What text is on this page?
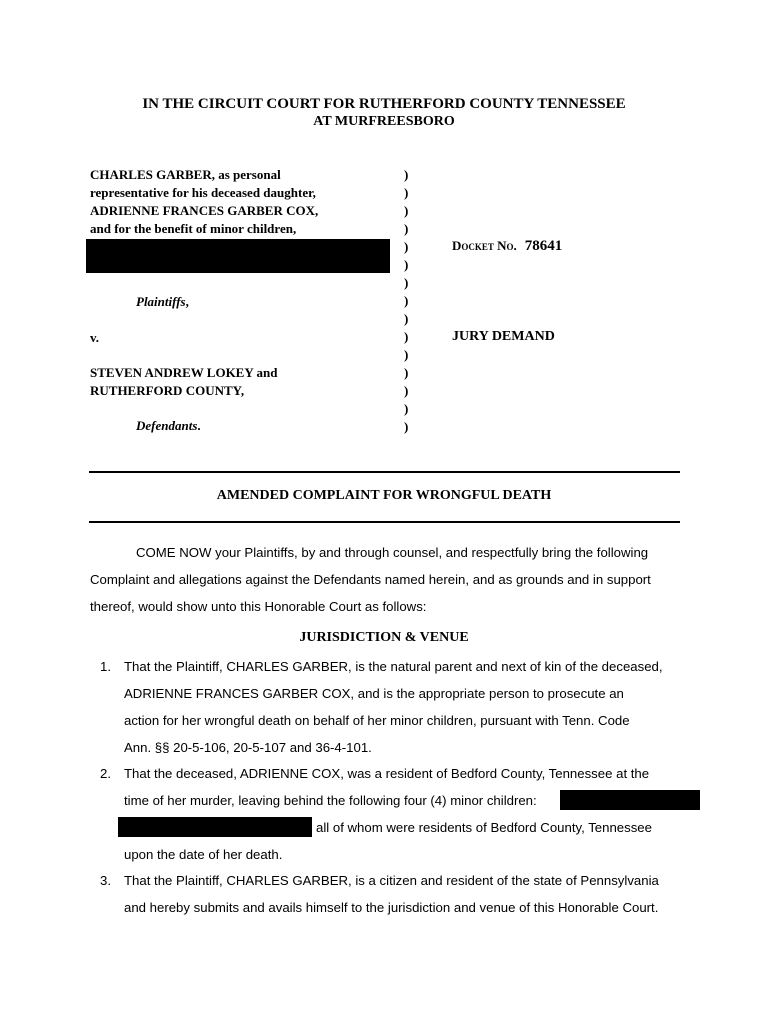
IN THE CIRCUIT COURT FOR RUTHERFORD COUNTY TENNESSEE
AT MURFREESBORO
CHARLES GARBER, as personal
representative for his deceased daughter,
ADRIENNE FRANCES GARBER COX,
and for the benefit of minor children,
Plaintiffs,
v.
STEVEN ANDREW LOKEY and
RUTHERFORD COUNTY,
Defendants.
)
)
)
)
)
)
)
)
)
)
)
)
)
)
)
Docket No. 78641
JURY DEMAND
AMENDED COMPLAINT FOR WRONGFUL DEATH
COME NOW your Plaintiffs, by and through counsel, and respectfully bring the following
Complaint and allegations against the Defendants named herein, and as grounds and in support
thereof, would show unto this Honorable Court as follows:
JURISDICTION & VENUE
1. That the Plaintiff, CHARLES GARBER, is the natural parent and next of kin of the deceased,
ADRIENNE FRANCES GARBER COX, and is the appropriate person to prosecute an
action for her wrongful death on behalf of her minor children, pursuant with Tenn. Code
Ann. §§ 20-5-106, 20-5-107 and 36-4-101.
2. That the deceased, ADRIENNE COX, was a resident of Bedford County, Tennessee at the
time of her murder, leaving behind the following four (4) minor children:
all of whom were residents of Bedford County, Tennessee
upon the date of her death.
3. That the Plaintiff, CHARLES GARBER, is a citizen and resident of the state of Pennsylvania
and hereby submits and avails himself to the jurisdiction and venue of this Honorable Court.
